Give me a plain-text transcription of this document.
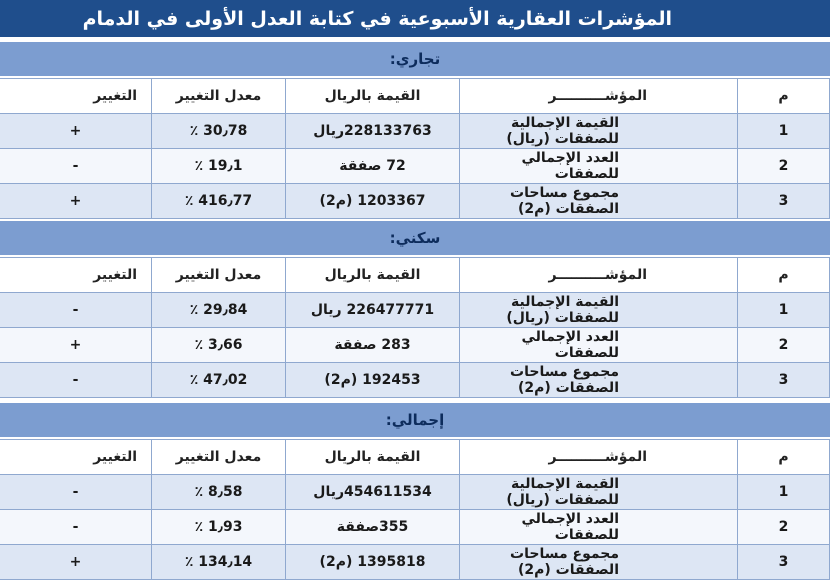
المؤشرات العقارية الأسبوعية في كتابة العدل الأولى في الدمام
تجاري:
م	المؤشــــــــــر	القيمة بالريال	معدل التغيير	التغيير
1	القيمة الإجمالية للصفقات (ريال)	228133763ريال	30٫78 ٪	+
2	العدد الإجمالي للصفقات	72 صفقة	19٫1 ٪	-
3	مجموع مساحات الصفقات (م2)	1203367 (م2)	416٫77 ٪	+
سكني:
م	المؤشــــــــــر	القيمة بالريال	معدل التغيير	التغيير
1	القيمة الإجمالية للصفقات (ريال)	226477771 ريال	29٫84 ٪	-
2	العدد الإجمالي للصفقات	283 صفقة	3٫66 ٪	+
3	مجموع مساحات الصفقات (م2)	192453 (م2)	47٫02 ٪	-
إجمالي:
م	المؤشــــــــــر	القيمة بالريال	معدل التغيير	التغيير
1	القيمة الإجمالية للصفقات (ريال)	454611534ريال	8٫58 ٪	-
2	العدد الإجمالي للصفقات	355صفقة	1٫93 ٪	-
3	مجموع مساحات الصفقات (م2)	1395818 (م2)	134٫14 ٪	+
